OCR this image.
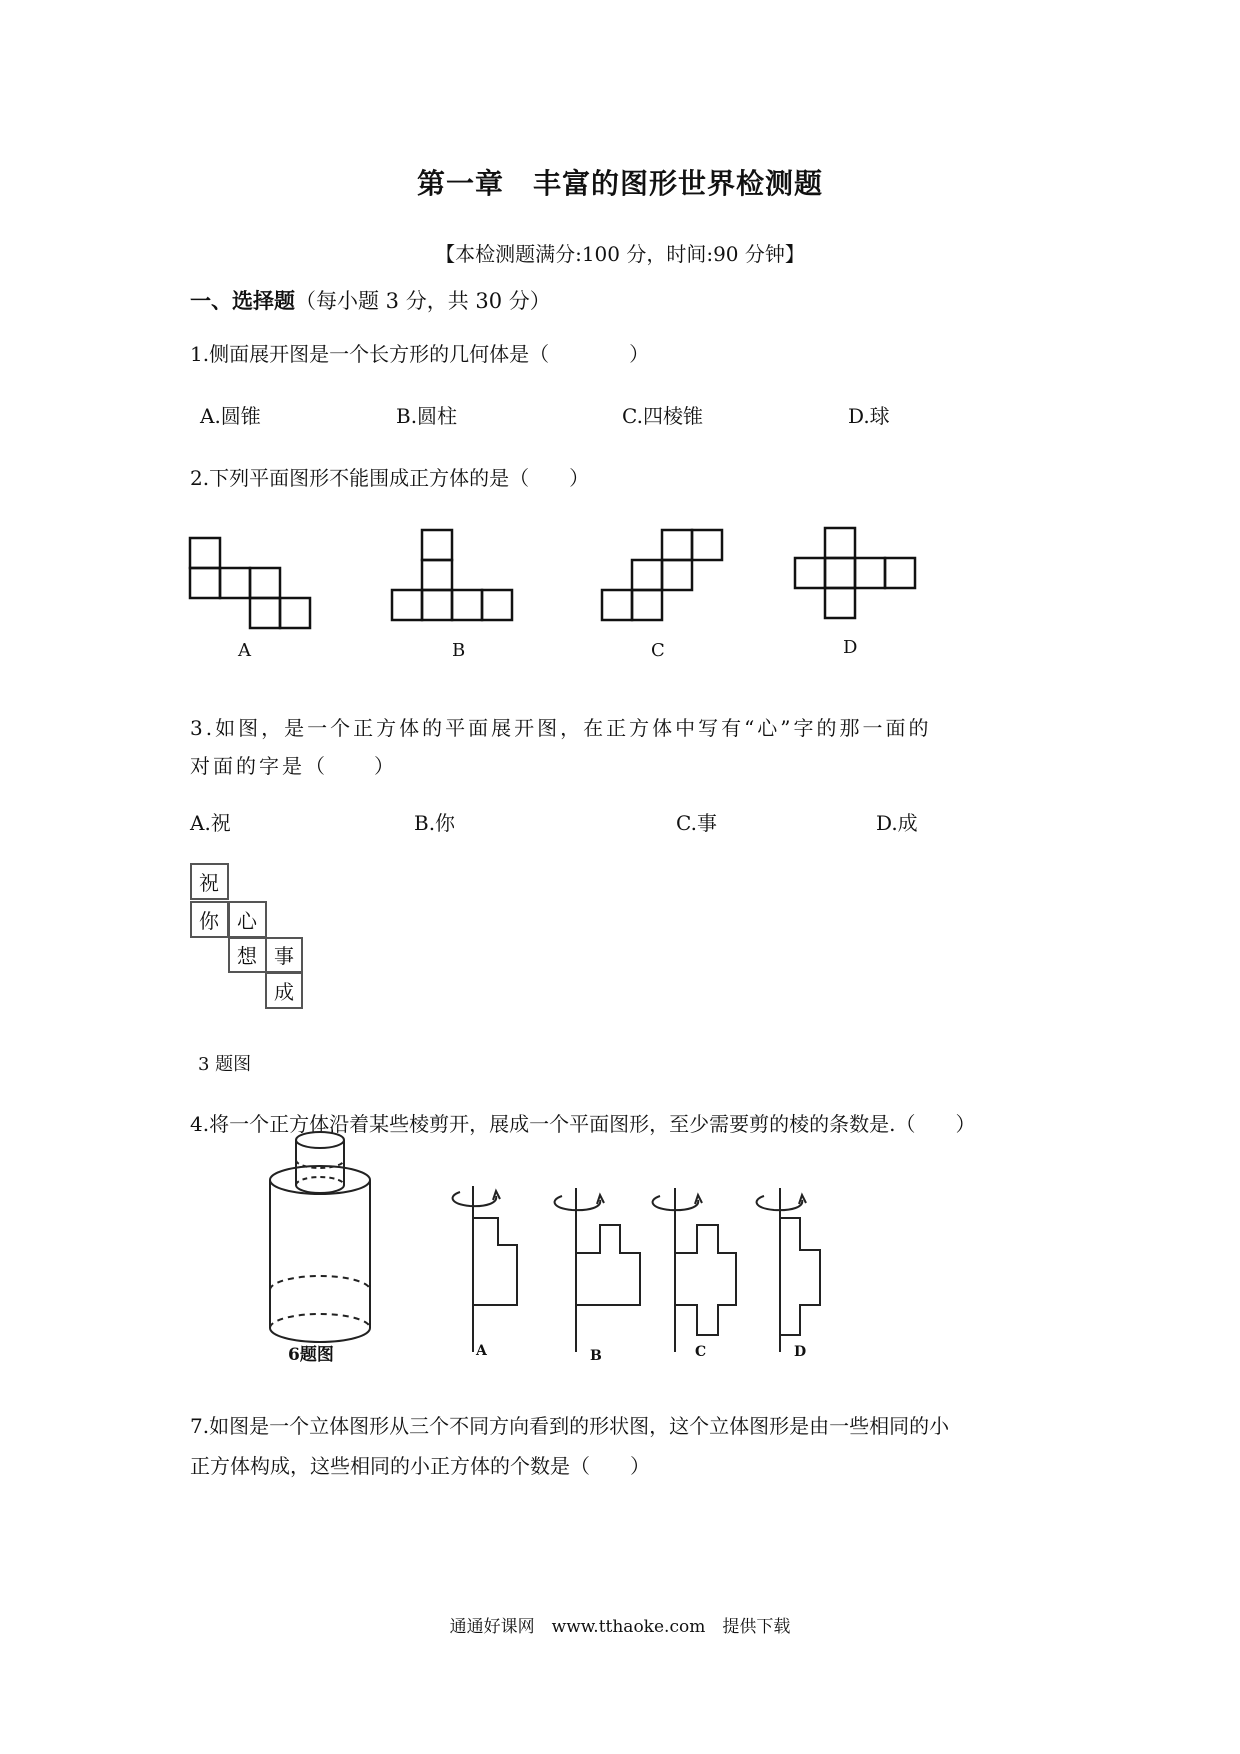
第一章　丰富的图形世界检测题
【本检测题满分:100 分，时间:90 分钟】
一、选择题（每小题 3 分，共 30 分）
1.侧面展开图是一个长方形的几何体是（　　　　）
A.圆锥	B.圆柱	C.四棱锥	D.球
2.下列平面图形不能围成正方体的是（　　）
A	B	C	D
3.如图，是一个正方体的平面展开图，在正方体中写有“心”字的那一面的
对面的字是（　　）
A.祝	B.你	C.事	D.成
祝
你 心
想 事
成
3 题图
4.将一个正方体沿着某些棱剪开，展成一个平面图形，至少需要剪的棱的条数是.（　　）
6题图	A	B	C	D
7.如图是一个立体图形从三个不同方向看到的形状图，这个立体图形是由一些相同的小
正方体构成，这些相同的小正方体的个数是（　　）
通通好课网　www.tthaoke.com　提供下载
